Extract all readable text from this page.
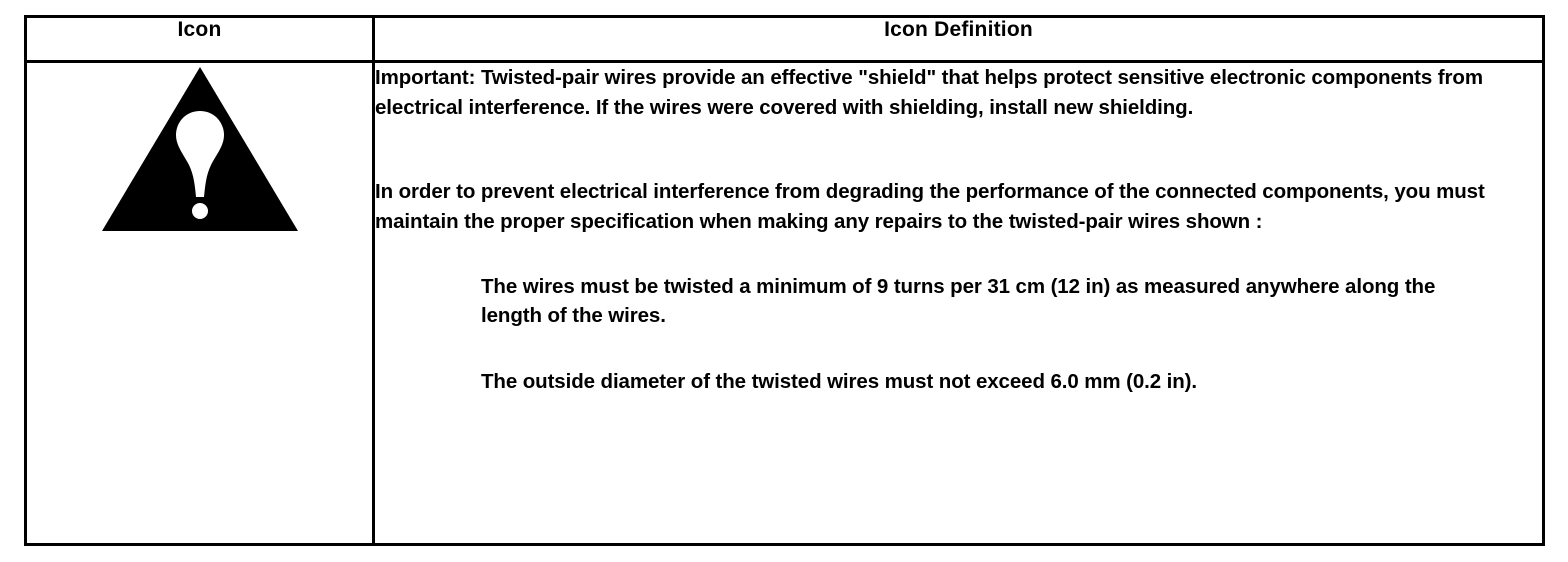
Icon	Icon Definition

Important: Twisted-pair wires provide an effective "shield" that helps protect sensitive electronic components from electrical interference. If the wires were covered with shielding, install new shielding.

In order to prevent electrical interference from degrading the performance of the connected components, you must maintain the proper specification when making any repairs to the twisted-pair wires shown :

The wires must be twisted a minimum of 9 turns per 31 cm (12 in) as measured anywhere along the length of the wires.

The outside diameter of the twisted wires must not exceed 6.0 mm (0.2 in).
